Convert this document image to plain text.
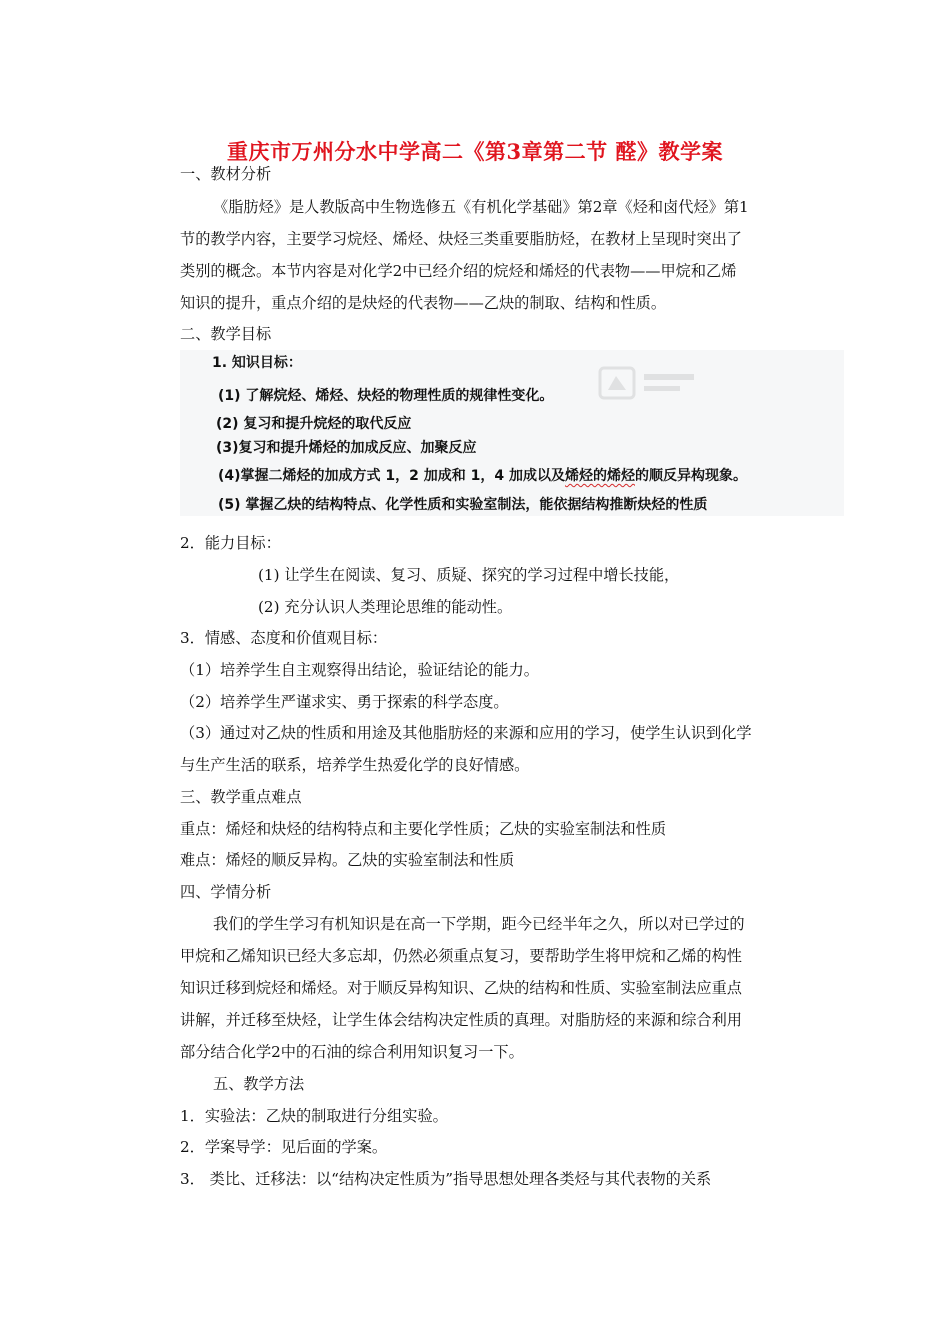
重庆市万州分水中学高二《第3章第二节 醛》教学案
一、教材分析
《脂肪烃》是人教版高中生物选修五《有机化学基础》第2章《烃和卤代烃》第1
节的教学内容，主要学习烷烃、烯烃、炔烃三类重要脂肪烃，在教材上呈现时突出了
类别的概念。本节内容是对化学2中已经介绍的烷烃和烯烃的代表物——甲烷和乙烯
知识的提升，重点介绍的是炔烃的代表物——乙炔的制取、结构和性质。
二、教学目标
1. 知识目标：
(1) 了解烷烃、烯烃、炔烃的物理性质的规律性变化。
(2) 复习和提升烷烃的取代反应
(3)复习和提升烯烃的加成反应、加聚反应
(4)掌握二烯烃的加成方式 1，2 加成和 1，4 加成以及烯烃的烯烃的顺反异构现象。
(5) 掌握乙炔的结构特点、化学性质和实验室制法，能依据结构推断炔烃的性质
2．能力目标：
(1) 让学生在阅读、复习、质疑、探究的学习过程中增长技能，
(2) 充分认识人类理论思维的能动性。
3．情感、态度和价值观目标：
（1）培养学生自主观察得出结论，验证结论的能力。
（2）培养学生严谨求实、勇于探索的科学态度。
（3）通过对乙炔的性质和用途及其他脂肪烃的来源和应用的学习，使学生认识到化学
与生产生活的联系，培养学生热爱化学的良好情感。
三、教学重点难点
重点：烯烃和炔烃的结构特点和主要化学性质；乙炔的实验室制法和性质
难点：烯烃的顺反异构。乙炔的实验室制法和性质
四、学情分析
我们的学生学习有机知识是在高一下学期，距今已经半年之久，所以对已学过的
甲烷和乙烯知识已经大多忘却，仍然必须重点复习，要帮助学生将甲烷和乙烯的构性
知识迁移到烷烃和烯烃。对于顺反异构知识、乙炔的结构和性质、实验室制法应重点
讲解，并迁移至炔烃，让学生体会结构决定性质的真理。对脂肪烃的来源和综合利用
部分结合化学2中的石油的综合利用知识复习一下。
五、教学方法
1．实验法：乙炔的制取进行分组实验。
2．学案导学：见后面的学案。
3． 类比、迁移法：以“结构决定性质为”指导思想处理各类烃与其代表物的关系
